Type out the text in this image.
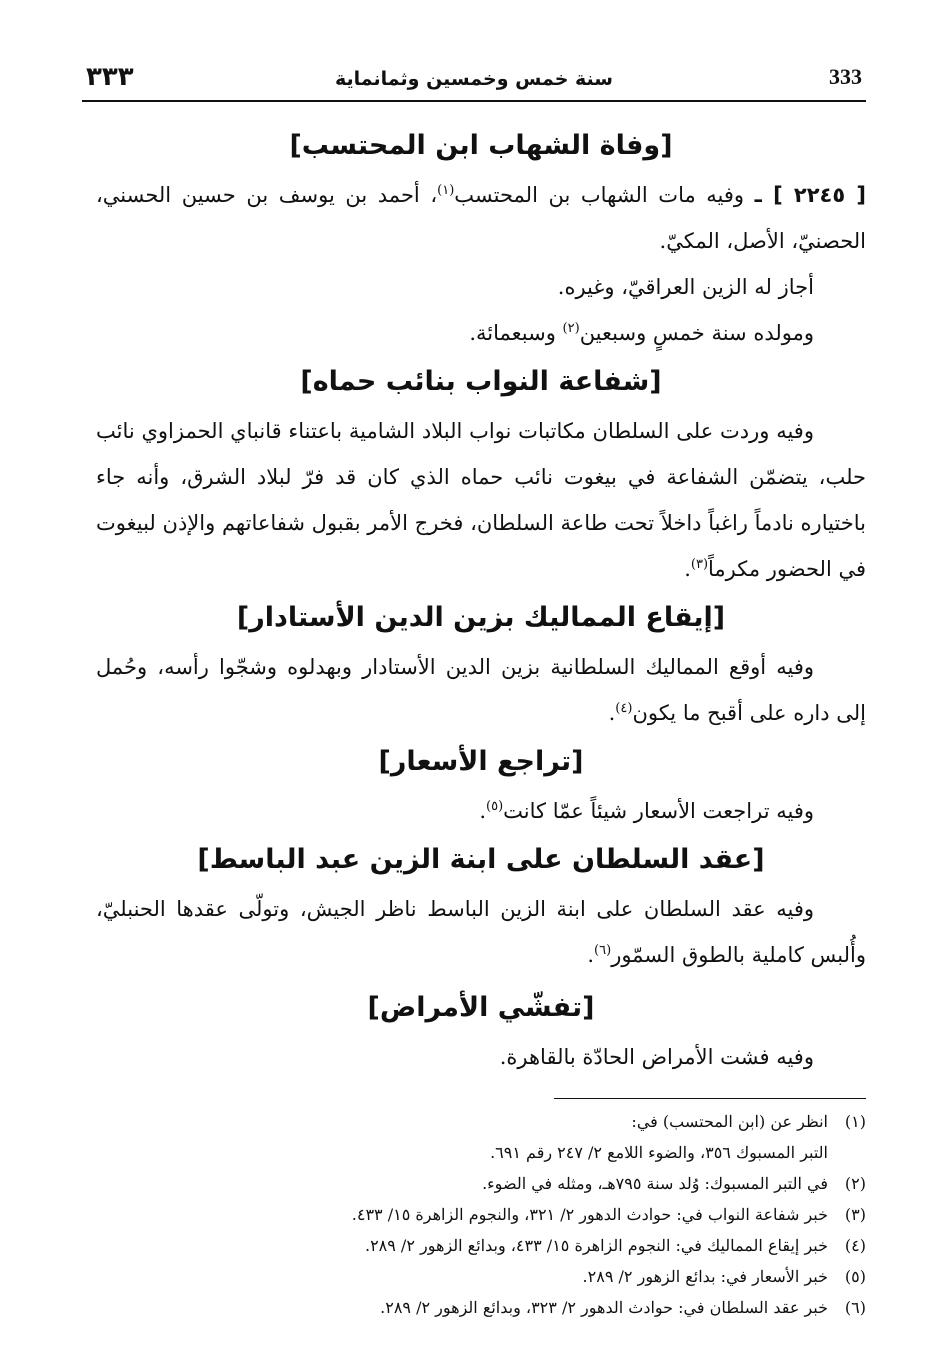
٣٣٣	سنة خمس وخمسين وثمانماية	333
[وفاة الشهاب ابن المحتسب]

[ ٢٢٤٥ ] ـ وفيه مات الشهاب بن المحتسب$^{(١)}$، أحمد بن يوسف بن حسين الحسني، الحصنيّ، الأصل، المكيّ.

أجاز له الزين العراقيّ، وغيره.

ومولده سنة خمسٍ وسبعين$^{(٢)}$ وسبعمائة.

[شفاعة النواب بنائب حماه]

وفيه وردت على السلطان مكاتبات نواب البلاد الشامية باعتناء قانباي الحمزاوي نائب حلب، يتضمّن الشفاعة في بيغوت نائب حماه الذي كان قد فرّ لبلاد الشرق، وأنه جاء باختياره نادماً راغباً داخلاً تحت طاعة السلطان، فخرج الأمر بقبول شفاعاتهم والإذن لبيغوت في الحضور مكرماً$^{(٣)}$.

[إيقاع المماليك بزين الدين الأستادار]

وفيه أوقع المماليك السلطانية بزين الدين الأستادار وبهدلوه وشجّوا رأسه، وحُمل إلى داره على أقبح ما يكون$^{(٤)}$.

[تراجع الأسعار]

وفيه تراجعت الأسعار شيئاً عمّا كانت$^{(٥)}$.

[عقد السلطان على ابنة الزين عبد الباسط]

وفيه عقد السلطان على ابنة الزين الباسط ناظر الجيش، وتولّى عقدها الحنبليّ، وأُلبس كاملية بالطوق السمّور$^{(٦)}$.

[تفشّي الأمراض]

وفيه فشت الأمراض الحادّة بالقاهرة.

(١)انظر عن (ابن المحتسب) في:
التبر المسبوك ٣٥٦، والضوء اللامع ٢/ ٢٤٧ رقم ٦٩١.
(٢)في التبر المسبوك: وُلد سنة ٧٩٥هـ، ومثله في الضوء.
(٣)خبر شفاعة النواب في: حوادث الدهور ٢/ ٣٢١، والنجوم الزاهرة ١٥/ ٤٣٣.
(٤)خبر إيقاع المماليك في: النجوم الزاهرة ١٥/ ٤٣٣، وبدائع الزهور ٢/ ٢٨٩.
(٥)خبر الأسعار في: بدائع الزهور ٢/ ٢٨٩.
(٦)خبر عقد السلطان في: حوادث الدهور ٢/ ٣٢٣، وبدائع الزهور ٢/ ٢٨٩.
